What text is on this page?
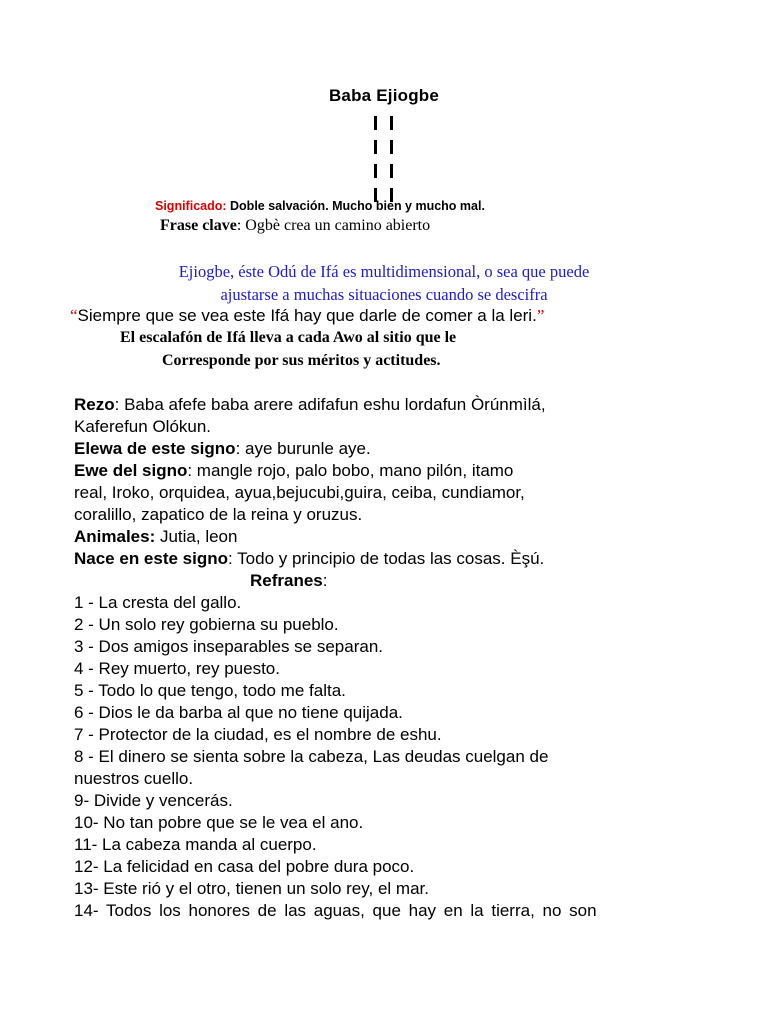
Baba Ejiogbe
Significado: Doble salvación. Mucho bien y mucho mal.
Frase clave: Ogbè crea un camino abierto
Ejiogbe, éste Odú de Ifá es multidimensional, o sea que puede
ajustarse a muchas situaciones cuando se descifra
“Siempre que se vea este Ifá hay que darle de comer a la leri.”
El escalafón de Ifá lleva a cada Awo al sitio que le
Corresponde por sus méritos y actitudes.
Rezo: Baba afefe baba arere adifafun eshu lordafun Òrúnmìlá,
Kaferefun Olókun.
Elewa de este signo: aye burunle aye.
Ewe del signo: mangle rojo, palo bobo, mano pilón, itamo
real, Iroko, orquidea, ayua,bejucubi,guira, ceiba, cundiamor,
coralillo, zapatico de la reina y oruzus.
Animales: Jutia, leon
Nace en este signo: Todo y principio de todas las cosas. Èşú.
Refranes:
1 - La cresta del gallo.
2 - Un solo rey gobierna su pueblo.
3 - Dos amigos inseparables se separan.
4 - Rey muerto, rey puesto.
5 - Todo lo que tengo, todo me falta.
6 - Dios le da barba al que no tiene quijada.
7 - Protector de la ciudad, es el nombre de eshu.
8 - El dinero se sienta sobre la cabeza, Las deudas cuelgan de
nuestros cuello.
9- Divide y vencerás.
10- No tan pobre que se le vea el ano.
11- La cabeza manda al cuerpo.
12- La felicidad en casa del pobre dura poco.
13- Este rió y el otro, tienen un solo rey, el mar.
14- Todos los honores de las aguas, que hay en la tierra, no son
